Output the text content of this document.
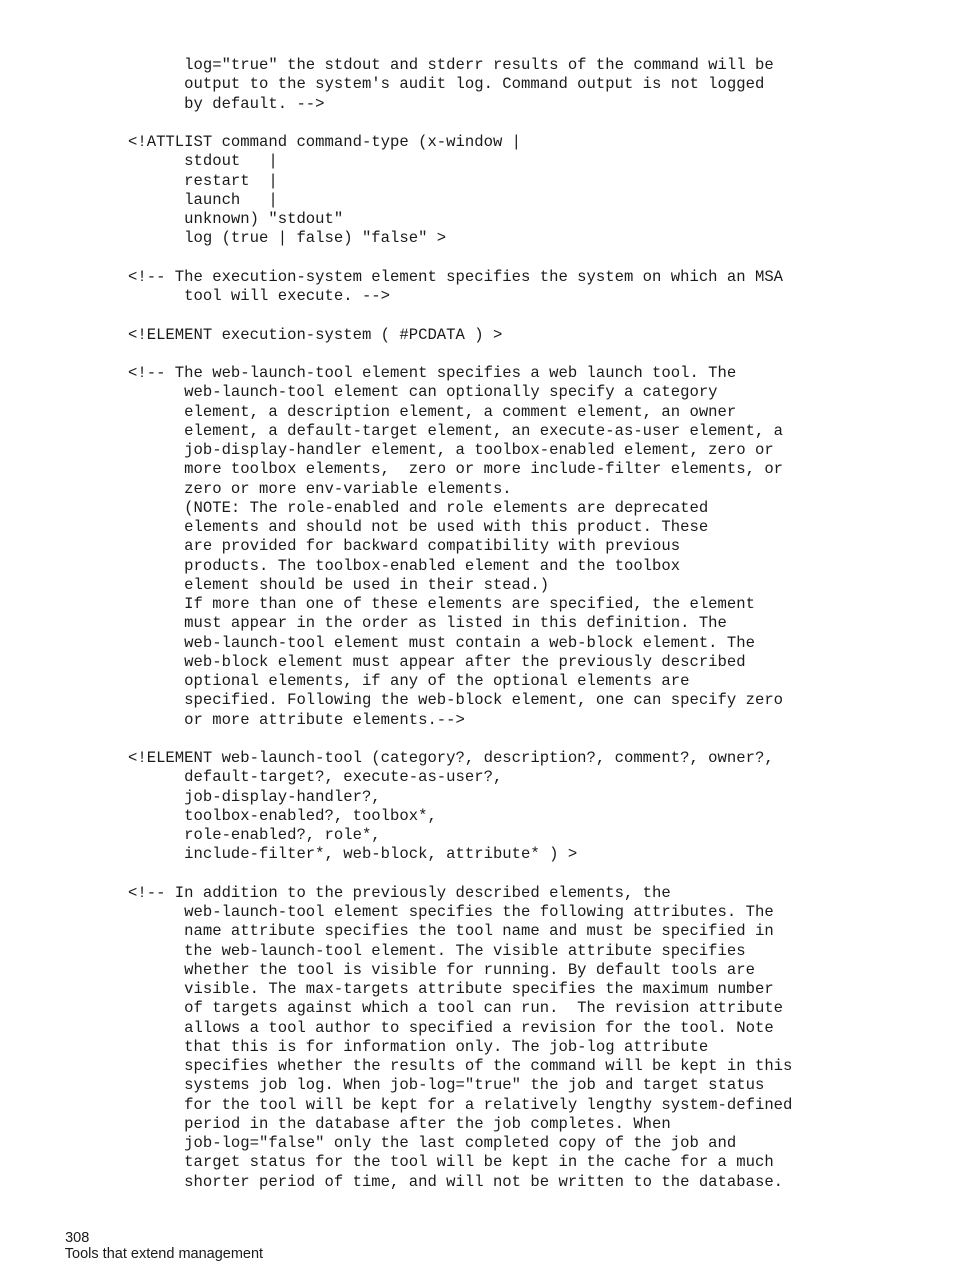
log="true" the stdout and stderr results of the command will be
output to the system's audit log. Command output is not logged
by default. -->
<!ATTLIST command command-type (x-window |
stdout   |
restart  |
launch   |
unknown) "stdout"
log (true | false) "false" >
<!-- The execution-system element specifies the system on which an MSA
tool will execute. -->
<!ELEMENT execution-system ( #PCDATA ) >
<!-- The web-launch-tool element specifies a web launch tool. The
web-launch-tool element can optionally specify a category
element, a description element, a comment element, an owner
element, a default-target element, an execute-as-user element, a
job-display-handler element, a toolbox-enabled element, zero or
more toolbox elements,  zero or more include-filter elements, or
zero or more env-variable elements.
(NOTE: The role-enabled and role elements are deprecated
elements and should not be used with this product. These
are provided for backward compatibility with previous
products. The toolbox-enabled element and the toolbox
element should be used in their stead.)
If more than one of these elements are specified, the element
must appear in the order as listed in this definition. The
web-launch-tool element must contain a web-block element. The
web-block element must appear after the previously described
optional elements, if any of the optional elements are
specified. Following the web-block element, one can specify zero
or more attribute elements.-->
<!ELEMENT web-launch-tool (category?, description?, comment?, owner?,
default-target?, execute-as-user?,
job-display-handler?,
toolbox-enabled?, toolbox*,
role-enabled?, role*,
include-filter*, web-block, attribute* ) >
<!-- In addition to the previously described elements, the
web-launch-tool element specifies the following attributes. The
name attribute specifies the tool name and must be specified in
the web-launch-tool element. The visible attribute specifies
whether the tool is visible for running. By default tools are
visible. The max-targets attribute specifies the maximum number
of targets against which a tool can run.  The revision attribute
allows a tool author to specified a revision for the tool. Note
that this is for information only. The job-log attribute
specifies whether the results of the command will be kept in this
systems job log. When job-log="true" the job and target status
for the tool will be kept for a relatively lengthy system-defined
period in the database after the job completes. When
job-log="false" only the last completed copy of the job and
target status for the tool will be kept in the cache for a much
shorter period of time, and will not be written to the database.

308
Tools that extend management
